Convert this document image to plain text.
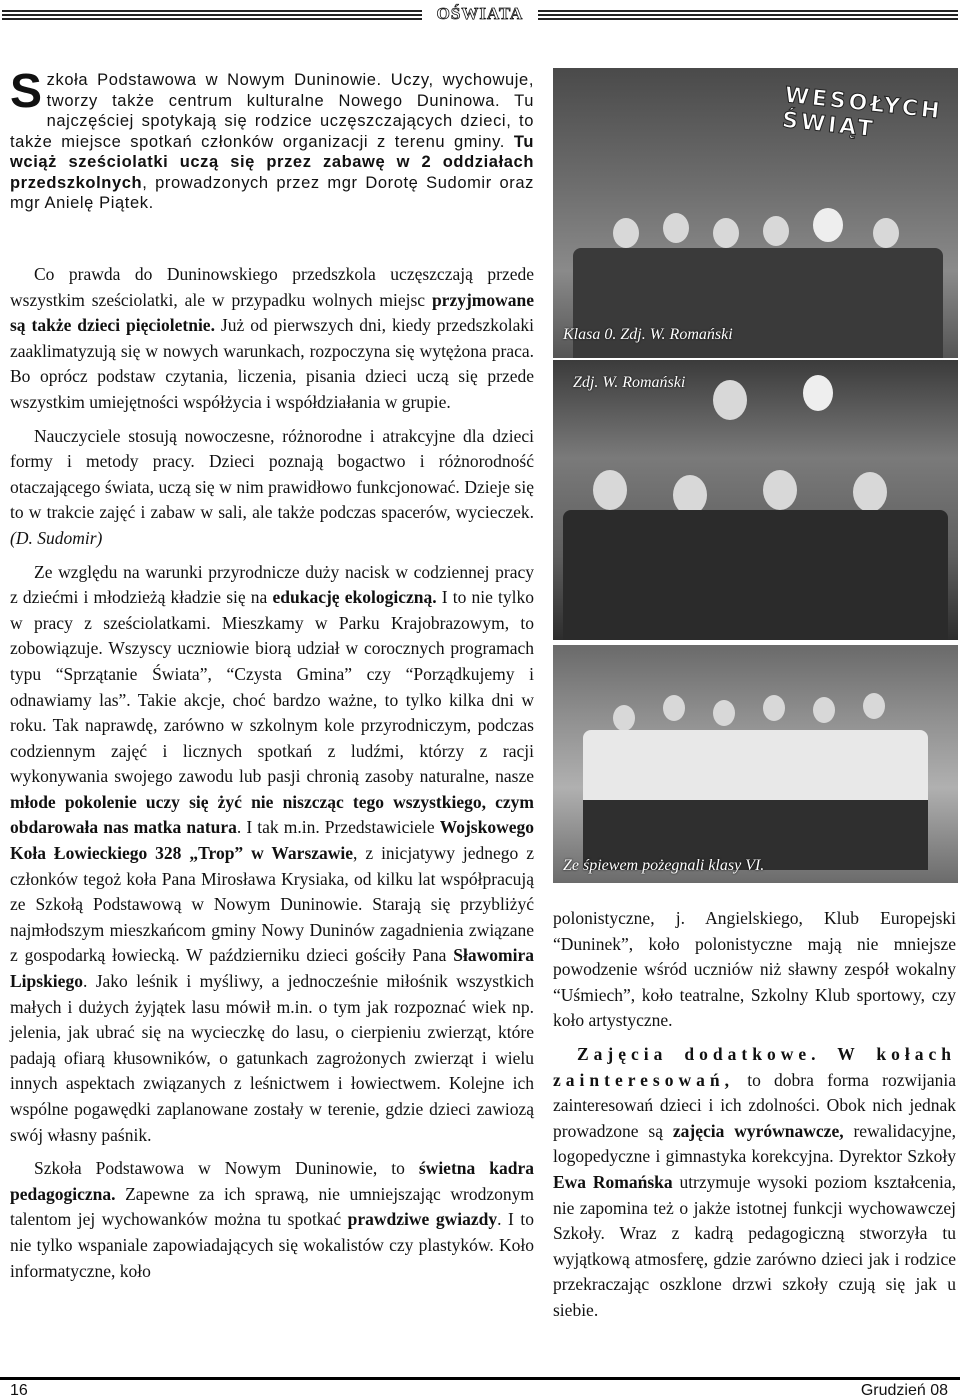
OŚWIATA
Szkoła Podstawowa w Nowym Duninowie. Uczy, wychowuje, tworzy także centrum kulturalne Nowego Duninowa. Tu najczęściej spotykają się rodzice uczęszczających dzieci, to także miejsce spotkań członków organizacji z terenu gminy. Tu wciąż sześciolatki uczą się przez zabawę w 2 oddziałach przedszkolnych, prowadzonych przez mgr Dorotę Sudomir oraz mgr Anielę Piątek.

Co prawda do Duninowskiego przedszkola uczęszczają przede wszystkim sześciolatki, ale w przypadku wolnych miejsc przyjmowane są także dzieci pięcioletnie. Już od pierwszych dni, kiedy przedszkolaki zaaklimatyzują się w nowych warunkach, rozpoczyna się wytężona praca. Bo oprócz podstaw czytania, liczenia, pisania dzieci uczą się przede wszystkim umiejętności współżycia i współdziałania w grupie.

Nauczyciele stosują nowoczesne, różnorodne i atrakcyjne dla dzieci formy i metody pracy. Dzieci poznają bogactwo i różnorodność otaczającego świata, uczą się w nim prawidłowo funkcjonować. Dzieje się to w trakcie zajęć i zabaw w sali, ale także podczas spacerów, wycieczek. (D. Sudomir)

Ze względu na warunki przyrodnicze duży nacisk w codziennej pracy z dziećmi i młodzieżą kładzie się na edukację ekologiczną. I to nie tylko w pracy z sześciolatkami. Mieszkamy w Parku Krajobrazowym, to zobowiązuje. Wszyscy uczniowie biorą udział w corocznych programach typu “Sprzątanie Świata”, “Czysta Gmina” czy “Porządkujemy i odnawiamy las”. Takie akcje, choć bardzo ważne, to tylko kilka dni w roku. Tak naprawdę, zarówno w szkolnym kole przyrodniczym, podczas codziennym zajęć i licznych spotkań z ludźmi, którzy z racji wykonywania swojego zawodu lub pasji chronią zasoby naturalne, nasze młode pokolenie uczy się żyć nie niszcząc tego wszystkiego, czym obdarowała nas matka natura. I tak m.in. Przedstawiciele Wojskowego Koła Łowieckiego 328 „Trop” w Warszawie, z inicjatywy jednego z członków tegoż koła Pana Mirosława Krysiaka, od kilku lat współpracują ze Szkołą Podstawową w Nowym Duninowie. Starają się przybliżyć najmłodszym mieszkańcom gminy Nowy Duninów zagadnienia związane z gospodarką łowiecką. W październiku dzieci gościły Pana Sławomira Lipskiego. Jako leśnik i myśliwy, a jednocześnie miłośnik wszystkich małych i dużych żyjątek lasu mówił m.in. o tym jak rozpoznać wiek np. jelenia, jak ubrać się na wycieczkę do lasu, o cierpieniu zwierząt, które padają ofiarą kłusowników, o gatunkach zagrożonych zwierząt i wielu innych aspektach związanych z leśnictwem i łowiectwem. Kolejne ich wspólne pogawędki zaplanowane zostały w terenie, gdzie dzieci zawiozą swój własny paśnik.

Szkoła Podstawowa w Nowym Duninowie, to świetna kadra pedagogiczna. Zapewne za ich sprawą, nie umniejszając wrodzonym talentom jej wychowanków można tu spotkać prawdziwe gwiazdy. I to nie tylko wspaniale zapowiadających się wokalistów czy plastyków. Koło informatyczne, koło

WESOŁYCH ŚWIĄT
Klasa 0. Zdj. W. Romański
Zdj. W. Romański
Ze śpiewem pożegnali klasy VI.

polonistyczne, j. Angielskiego, Klub Europejski “Duninek”, koło polonistyczne mają nie mniejsze powodzenie wśród uczniów niż sławny zespół wokalny “Uśmiech”, koło teatralne, Szkolny Klub sportowy, czy koło artystyczne.

Zajęcia dodatkowe. W kołach zainteresowań, to dobra forma rozwijania zainteresowań dzieci i ich zdolności. Obok nich jednak prowadzone są zajęcia wyrównawcze, rewalidacyjne, logopedyczne i gimnastyka korekcyjna. Dyrektor Szkoły Ewa Romańska utrzymuje wysoki poziom kształcenia, nie zapomina też o jakże istotnej funkcji wychowawczej Szkoły. Wraz z kadrą pedagogiczną stworzyła tu wyjątkową atmosferę, gdzie zarówno dzieci jak i rodzice przekraczając oszklone drzwi szkoły czują się jak u siebie.

16	Grudzień 08
